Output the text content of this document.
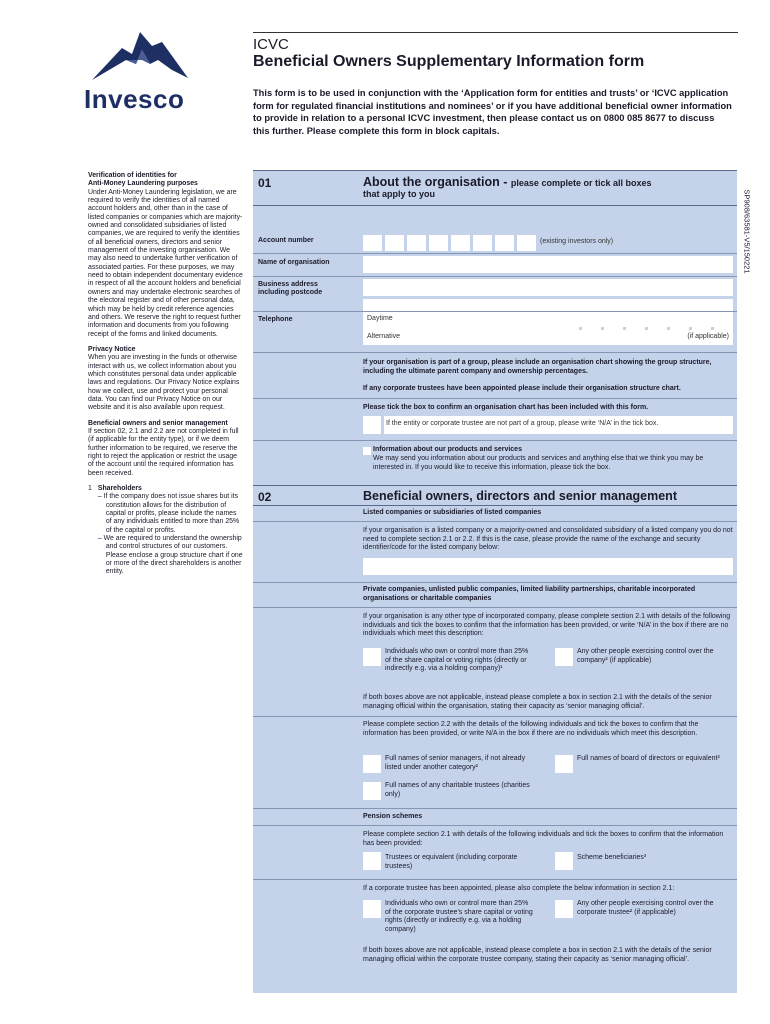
Invesco
ICVC
Beneficial Owners Supplementary Information form
This form is to be used in conjunction with the ‘Application form for entities and trusts’ or ‘ICVC application form for regulated financial institutions and nominees’ or if you have additional beneficial owner information to provide in relation to a personal ICVC investment, then please contact us on 0800 085 8677 to discuss this further. Please complete this form in block capitals.
SP908/63581-V5/150221

Verification of identities for
Anti-Money Laundering purposes
Under Anti-Money Laundering legislation, we are required to verify the identities of all named account holders and, other than in the case of listed companies or companies which are majority-owned and consolidated subsidiaries of listed companies, we are required to verify the identities of all beneficial owners, directors and senior management of the investing organisation. We may also need to undertake further verification of associated parties. For these purposes, we may need to obtain independent documentary evidence in respect of all the account holders and beneficial owners and may undertake electronic searches of the electoral register and of other personal data, which may be held by credit reference agencies and others. We reserve the right to request further information and documents from you following receipt of the forms and linked documents.

Privacy Notice
When you are investing in the funds or otherwise interact with us, we collect information about you which constitutes personal data under applicable laws and regulations. Our Privacy Notice explains how we collect, use and protect your personal data. You can find our Privacy Notice on our website and it is also available upon request.

Beneficial owners and senior management
If section 02, 2.1 and 2.2 are not completed in full (if applicable for the entity type), or if we deem further information to be required, we reserve the right to reject the application or restrict the usage of the account until the required information has been received.

1 Shareholders
– If the company does not issue shares but its constitution allows for the distribution of capital or profits, please include the names of any individuals entitled to more than 25% of the capital or profits.
– We are required to understand the ownership and control structures of our customers. Please enclose a group structure chart if one or more of the direct shareholders is another entity.
01	About the organisation - please complete or tick all boxes
that apply to you
Account number	(existing investors only)
Name of organisation
Business address
including postcode
Telephone	Daytime
Alternative	(if applicable)
If your organisation is part of a group, please include an organisation chart showing the group structure, including the ultimate parent company and ownership percentages.
If any corporate trustees have been appointed please include their organisation structure chart.
Please tick the box to confirm an organisation chart has been included with this form.
If the entity or corporate trustee are not part of a group, please write ‘N/A’ in the tick box.
Information about our products and services
We may send you information about our products and services and anything else that we think you may be interested in. If you would like to receive this information, please tick the box.
02	Beneficial owners, directors and senior management
Listed companies or subsidiaries of listed companies
If your organisation is a listed company or a majority-owned and consolidated subsidiary of a listed company you do not need to complete section 2.1 or 2.2. If this is the case, please provide the name of the exchange and security identifier/code for the listed company below:
Private companies, unlisted public companies, limited liability partnerships, charitable incorporated organisations or charitable companies
If your organisation is any other type of incorporated company, please complete section 2.1 with details of the following individuals and tick the boxes to confirm that the information has been provided, or write ‘N/A’ in the box if there are no individuals which meet this description:
Individuals who own or control more than 25% of the share capital or voting rights (directly or indirectly e.g. via a holding company)¹
Any other people exercising control over the company² (if applicable)
If both boxes above are not applicable, instead please complete a box in section 2.1 with the details of the senior managing official within the organisation, stating their capacity as ‘senior managing official’.
Please complete section 2.2 with the details of the following individuals and tick the boxes to confirm that the information has been provided, or write N/A in the box if there are no individuals which meet this description.
Full names of senior managers, if not already listed under another category²
Full names of board of directors or equivalent²
Full names of any charitable trustees (charities only)
Pension schemes
Please complete section 2.1 with details of the following individuals and tick the boxes to confirm that the information has been provided:
Trustees or equivalent (including corporate trustees)
Scheme beneficiaries³
If a corporate trustee has been appointed, please also complete the below information in section 2.1:
Individuals who own or control more than 25% of the corporate trustee’s share capital or voting rights (directly or indirectly e.g. via a holding company)
Any other people exercising control over the corporate trustee² (if applicable)
If both boxes above are not applicable, instead please complete a box in section 2.1 with the details of the senior managing official within the corporate trustee company, stating their capacity as ‘senior managing official’.
